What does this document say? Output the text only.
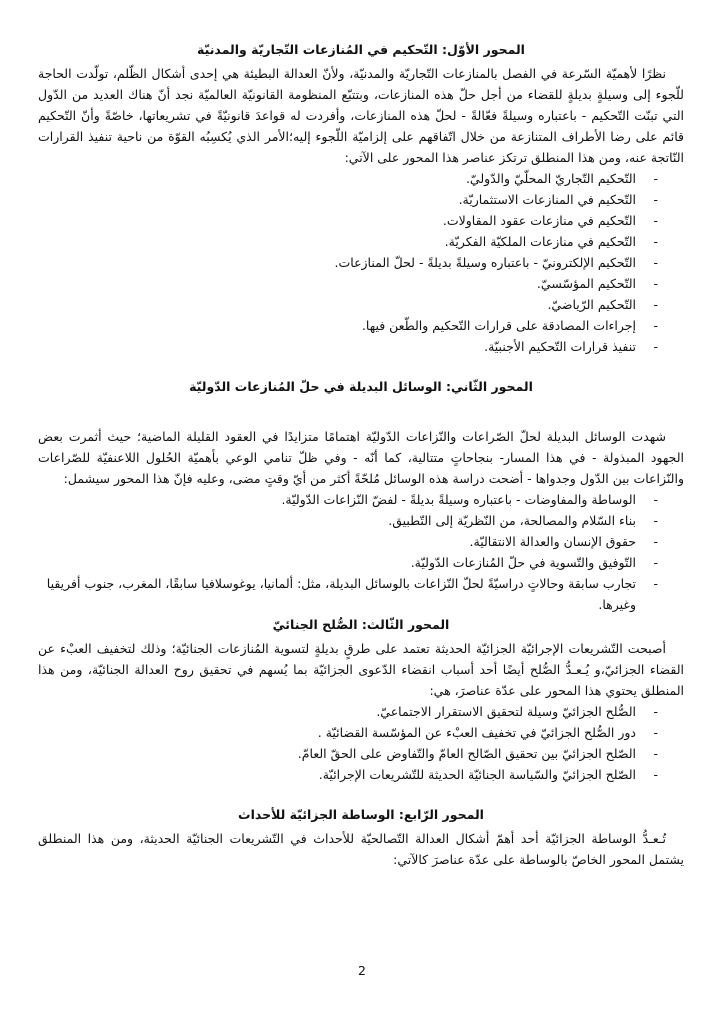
المحور الأوّل: التّحكيم في المُنازعات التّجاريّة والمدنيّة

نظرًا لأهميّة السّرعة في الفصل بالمنازعات التّجاريّة والمدنيّة، ولأنّ العدالة البطيئة هي إحدى أشكال الظّلم، تولّدت الحاجة للّجوء إلى وسيلةٍ بديلةٍ للقضاء من أجل حلّ هذه المنازعات، وبتتبّع المنظومة القانونيّة العالميّة نجد أنّ هناك العديد من الدّول التي تبنّت التّحكيم - باعتباره وسيلةً فعّالةً - لحلّ هذه المنازعات، وأفردت له قواعدَ قانونيّةً في تشريعاتها، خاصّةً وأنّ التّحكيم قائم على رضا الأطراف المتنازعة من خلال اتّفاقهم على إلزاميّة اللّجوء إليه؛الأمر الذي يُكسِبُه القوّة من ناحية تنفيذ القرارات النّاتجة عنه، ومن هذا المنطلق ترتكز عناصر هذا المحور على الآتي:

- التّحكيم التّجاريّ المحلّيّ والدّوليّ.
- التّحكيم في المنازعات الاستثماريّة.
- التّحكيم في منازعات عقود المقاولات.
- التّحكيم في منازعات الملكيّة الفكريّة.
- التّحكيم الإلكترونيّ - باعتباره وسيلةً بديلةً - لحلّ المنازعات.
- التّحكيم المؤسّسيّ.
- التّحكيم الرّياضيّ.
- إجراءات المصادقة على قرارات التّحكيم والطّعن فيها.
- تنفيذ قرارات التّحكيم الأجنبيّة.
المحور الثّاني: الوسائل البديلة في حلّ المُنازعات الدّوليّة

شهدت الوسائل البديلة لحلّ الصّراعات والنّزاعات الدّوليّة اهتمامًا متزايدًا في العقود القليلة الماضية؛ حيث أثمرت بعض الجهود المبذولة - في هذا المسار- بنجاحاتٍ متتالية، كما أنّه - وفي ظلّ تنامي الوعي بأهميّة الحُلول اللاعنفيّة للصّراعات والنّزاعات بين الدّول وجدواها - أضحت دراسة هذه الوسائل مُلحّةً أكثر من أيّ وقتٍ مضى، وعليه فإنّ هذا المحور سيشمل:

- الوساطة والمفاوضات - باعتباره وسيلةً بديلةً - لفضّ النّزاعات الدّوليّة.
- بناء السّلام والمصالحة، من النّظريّة إلى التّطبيق.
- حقوق الإنسان والعدالة الانتقاليّة.
- التّوفيق والتّسوية في حلّ المُنازعات الدّوليّة.
- تجارب سابقة وحالاتٍ دراسيّةً لحلّ النّزاعات بالوسائل البديلة، مثل: ألمانيا، يوغوسلافيا سابقًا، المغرب، جنوب أفريقيا وغيرها.
المحور الثّالث: الصُّلح الجنائيّ

أصبحت التّشريعات الإجرائيّة الجزائيّة الحديثة تعتمد على طرقٍ بديلةٍ لتسوية المُنازعات الجنائيّة؛ وذلك لتخفيف العبْء عن القضاء الجزائيّ،و يُـعـدُّ الصُّلح أيضًا أحد أسباب انقضاء الدّعوى الجزائيّة بما يُسهم في تحقيق روح العدالة الجنائيّة، ومن هذا المنطلق يحتوي هذا المحور على عدّة عناصرَ، هي:

- الصُّلح الجزائيّ وسيلة لتحقيق الاستقرار الاجتماعيّ.
- دور الصُّلح الجزائيّ في تخفيف العبْء عن المؤسّسة القضائيّة .
- الصّلح الجزائيّ بين تحقيق الصّالح العامّ والتّفاوض على الحقّ العامّ.
- الصّلح الجزائيّ والسّياسة الجنائيّة الحديثة للتّشريعات الإجرائيّة.
المحور الرّابع: الوساطة الجزائيّة للأحداث

تُـعـدُّ الوساطة الجزائيّة أحد أهمّ أشكال العدالة التّصالحيّة للأحداث في التّشريعات الجنائيّة الحديثة، ومن هذا المنطلق يشتمل المحور الخاصّ بالوساطة على عدّة عناصرَ كالآتي:

2
